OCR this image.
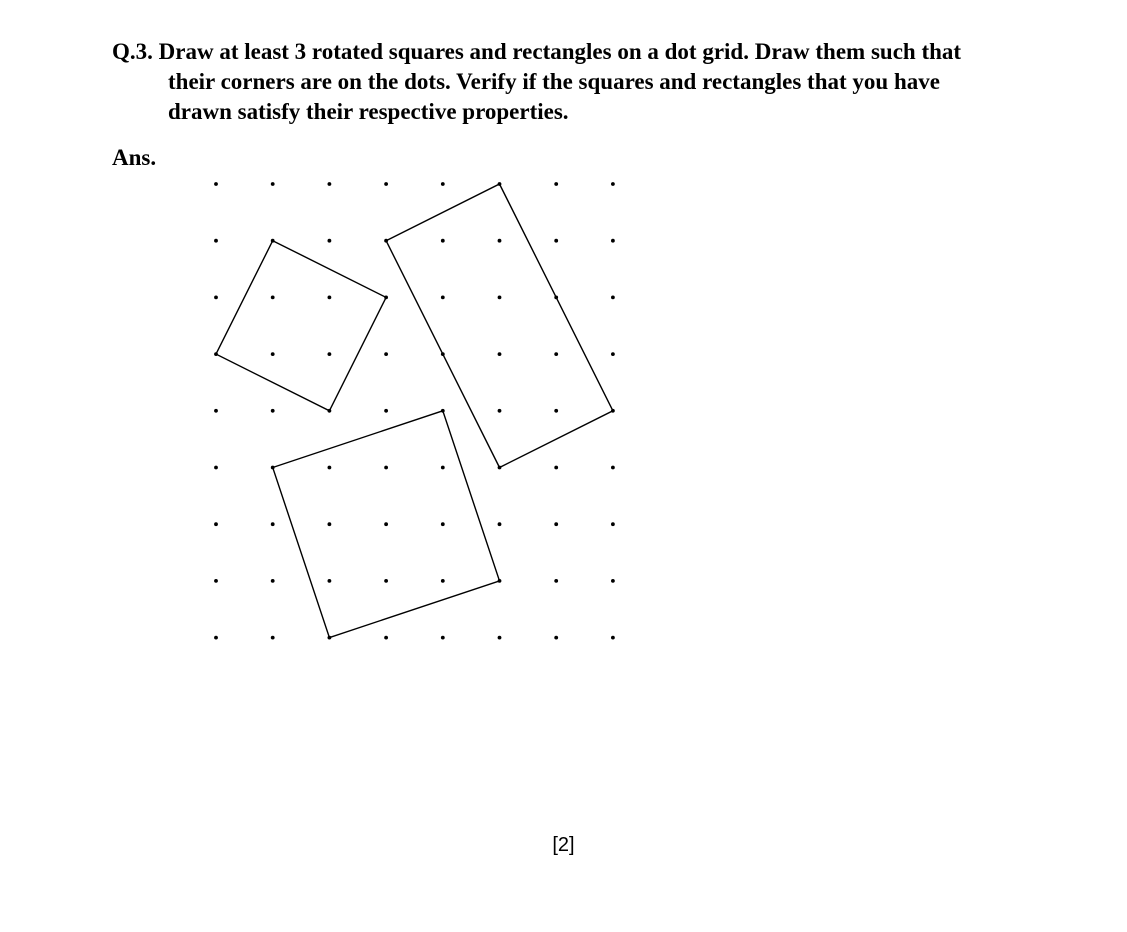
Q.3. Draw at least 3 rotated squares and rectangles on a dot grid. Draw them such that
their corners are on the dots. Verify if the squares and rectangles that you have
drawn satisfy their respective properties.
Ans.
[2]
